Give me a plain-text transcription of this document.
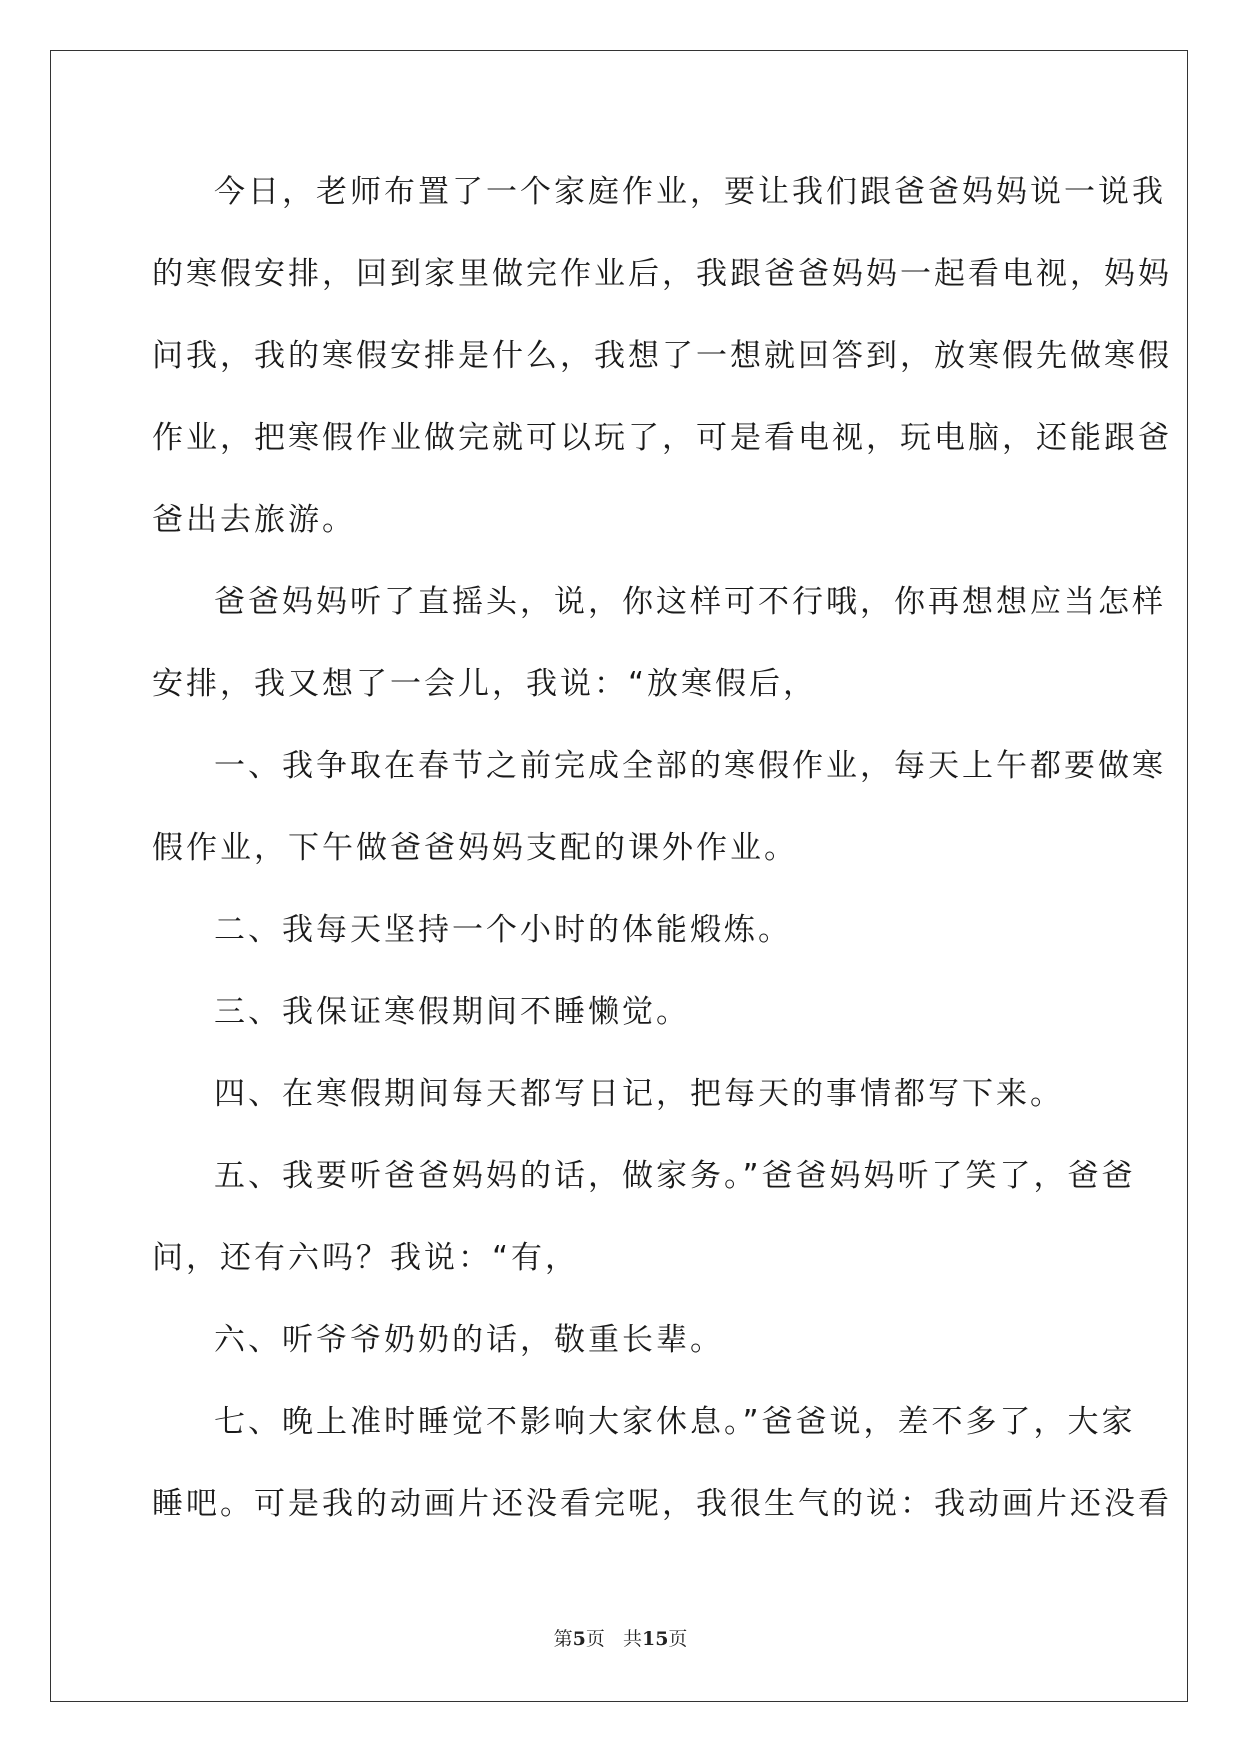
今日，老师布置了一个家庭作业，要让我们跟爸爸妈妈说一说我
的寒假安排，回到家里做完作业后，我跟爸爸妈妈一起看电视，妈妈
问我，我的寒假安排是什么，我想了一想就回答到，放寒假先做寒假
作业，把寒假作业做完就可以玩了，可是看电视，玩电脑，还能跟爸
爸出去旅游。
爸爸妈妈听了直摇头，说，你这样可不行哦，你再想想应当怎样
安排，我又想了一会儿，我说：“放寒假后，
一、我争取在春节之前完成全部的寒假作业，每天上午都要做寒
假作业，下午做爸爸妈妈支配的课外作业。
二、我每天坚持一个小时的体能煅炼。
三、我保证寒假期间不睡懒觉。
四、在寒假期间每天都写日记，把每天的事情都写下来。
五、我要听爸爸妈妈的话，做家务。”爸爸妈妈听了笑了，爸爸
问，还有六吗？我说：“有，
六、听爷爷奶奶的话，敬重长辈。
七、晚上准时睡觉不影响大家休息。”爸爸说，差不多了，大家
睡吧。可是我的动画片还没看完呢，我很生气的说：我动画片还没看
第5页 共15页
